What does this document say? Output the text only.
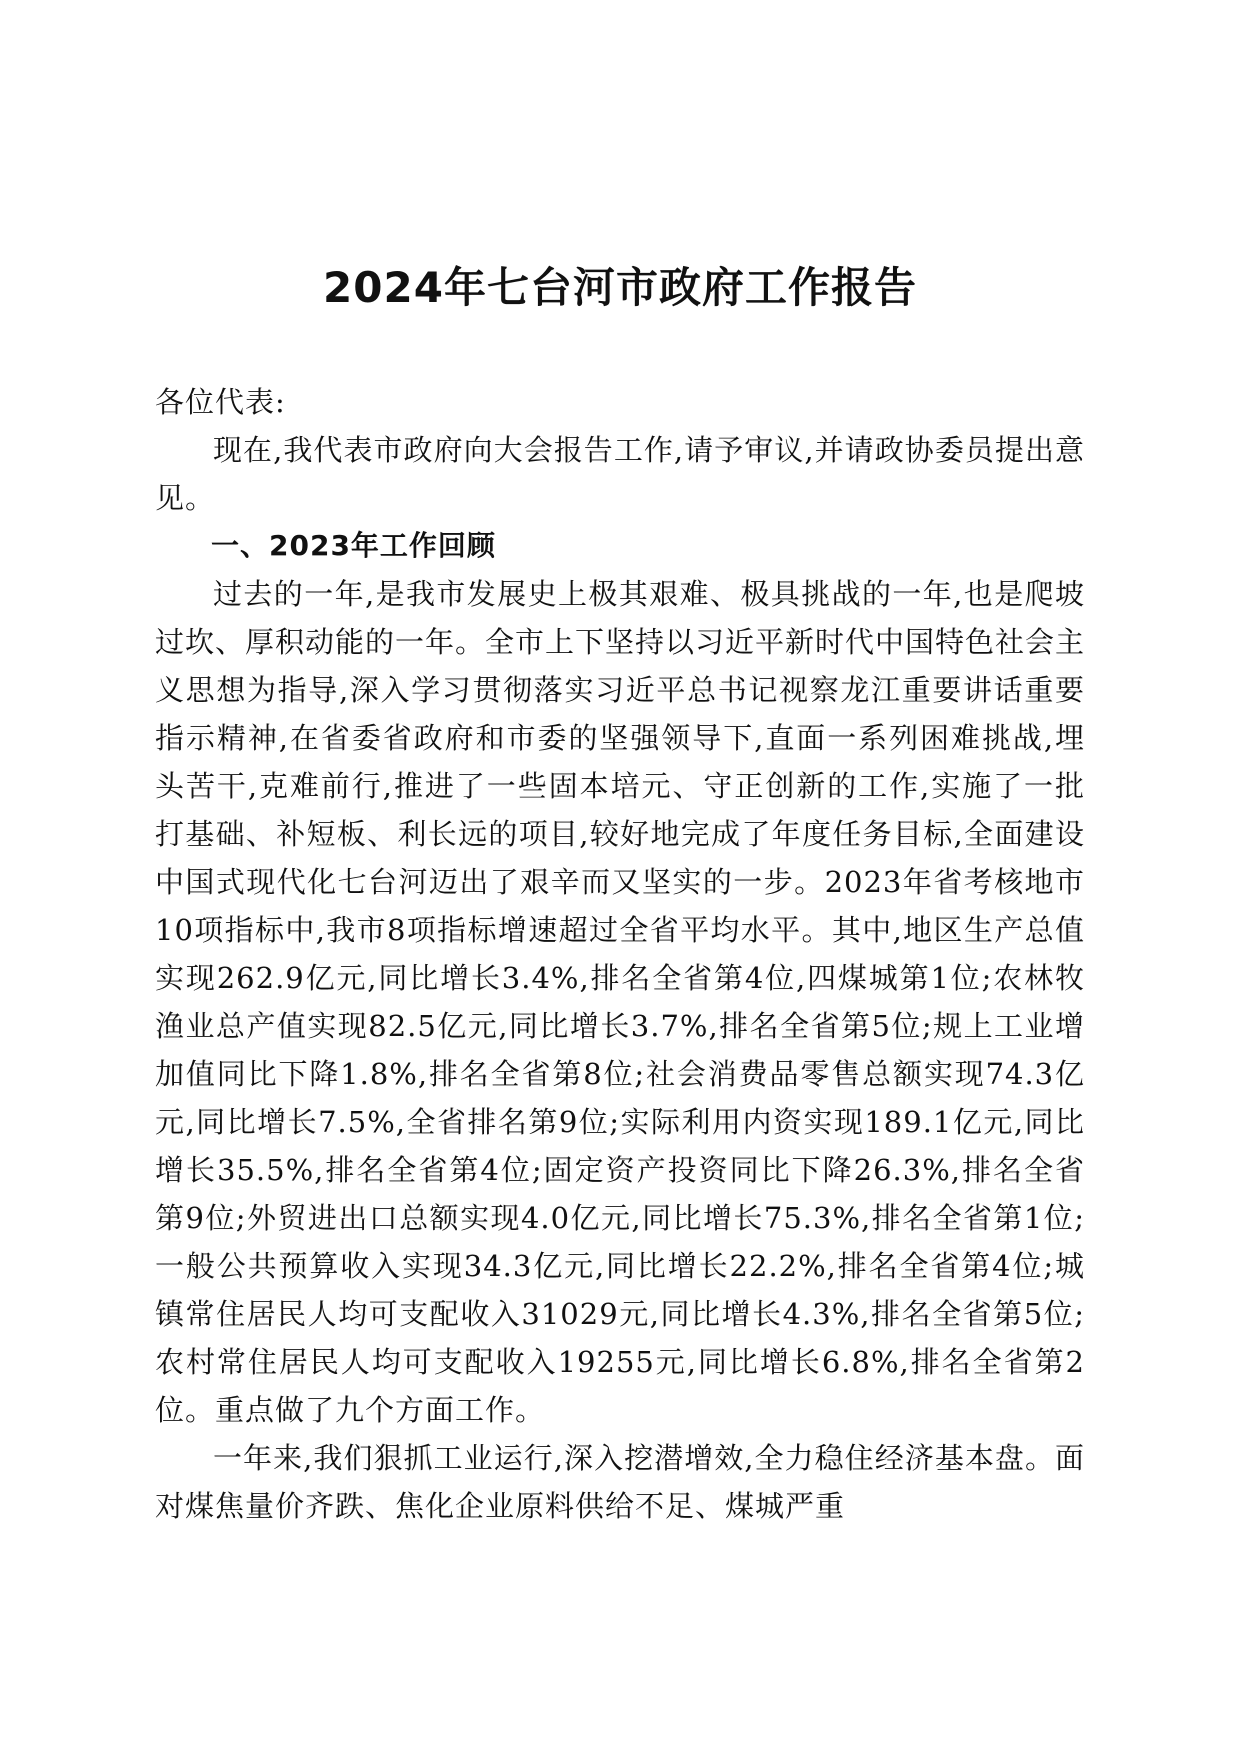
2024年七台河市政府工作报告

各位代表:

现在,我代表市政府向大会报告工作,请予审议,并请政协委员提出意见。

一、2023年工作回顾

过去的一年,是我市发展史上极其艰难、极具挑战的一年,也是爬坡过坎、厚积动能的一年。全市上下坚持以习近平新时代中国特色社会主义思想为指导,深入学习贯彻落实习近平总书记视察龙江重要讲话重要指示精神,在省委省政府和市委的坚强领导下,直面一系列困难挑战,埋头苦干,克难前行,推进了一些固本培元、守正创新的工作,实施了一批打基础、补短板、利长远的项目,较好地完成了年度任务目标,全面建设中国式现代化七台河迈出了艰辛而又坚实的一步。2023年省考核地市10项指标中,我市8项指标增速超过全省平均水平。其中,地区生产总值实现262.9亿元,同比增长3.4%,排名全省第4位,四煤城第1位;农林牧渔业总产值实现82.5亿元,同比增长3.7%,排名全省第5位;规上工业增加值同比下降1.8%,排名全省第8位;社会消费品零售总额实现74.3亿元,同比增长7.5%,全省排名第9位;实际利用内资实现189.1亿元,同比增长35.5%,排名全省第4位;固定资产投资同比下降26.3%,排名全省第9位;外贸进出口总额实现4.0亿元,同比增长75.3%,排名全省第1位;一般公共预算收入实现34.3亿元,同比增长22.2%,排名全省第4位;城镇常住居民人均可支配收入31029元,同比增长4.3%,排名全省第5位;农村常住居民人均可支配收入19255元,同比增长6.8%,排名全省第2位。重点做了九个方面工作。

一年来,我们狠抓工业运行,深入挖潜增效,全力稳住经济基本盘。面对煤焦量价齐跌、焦化企业原料供给不足、煤城严重
